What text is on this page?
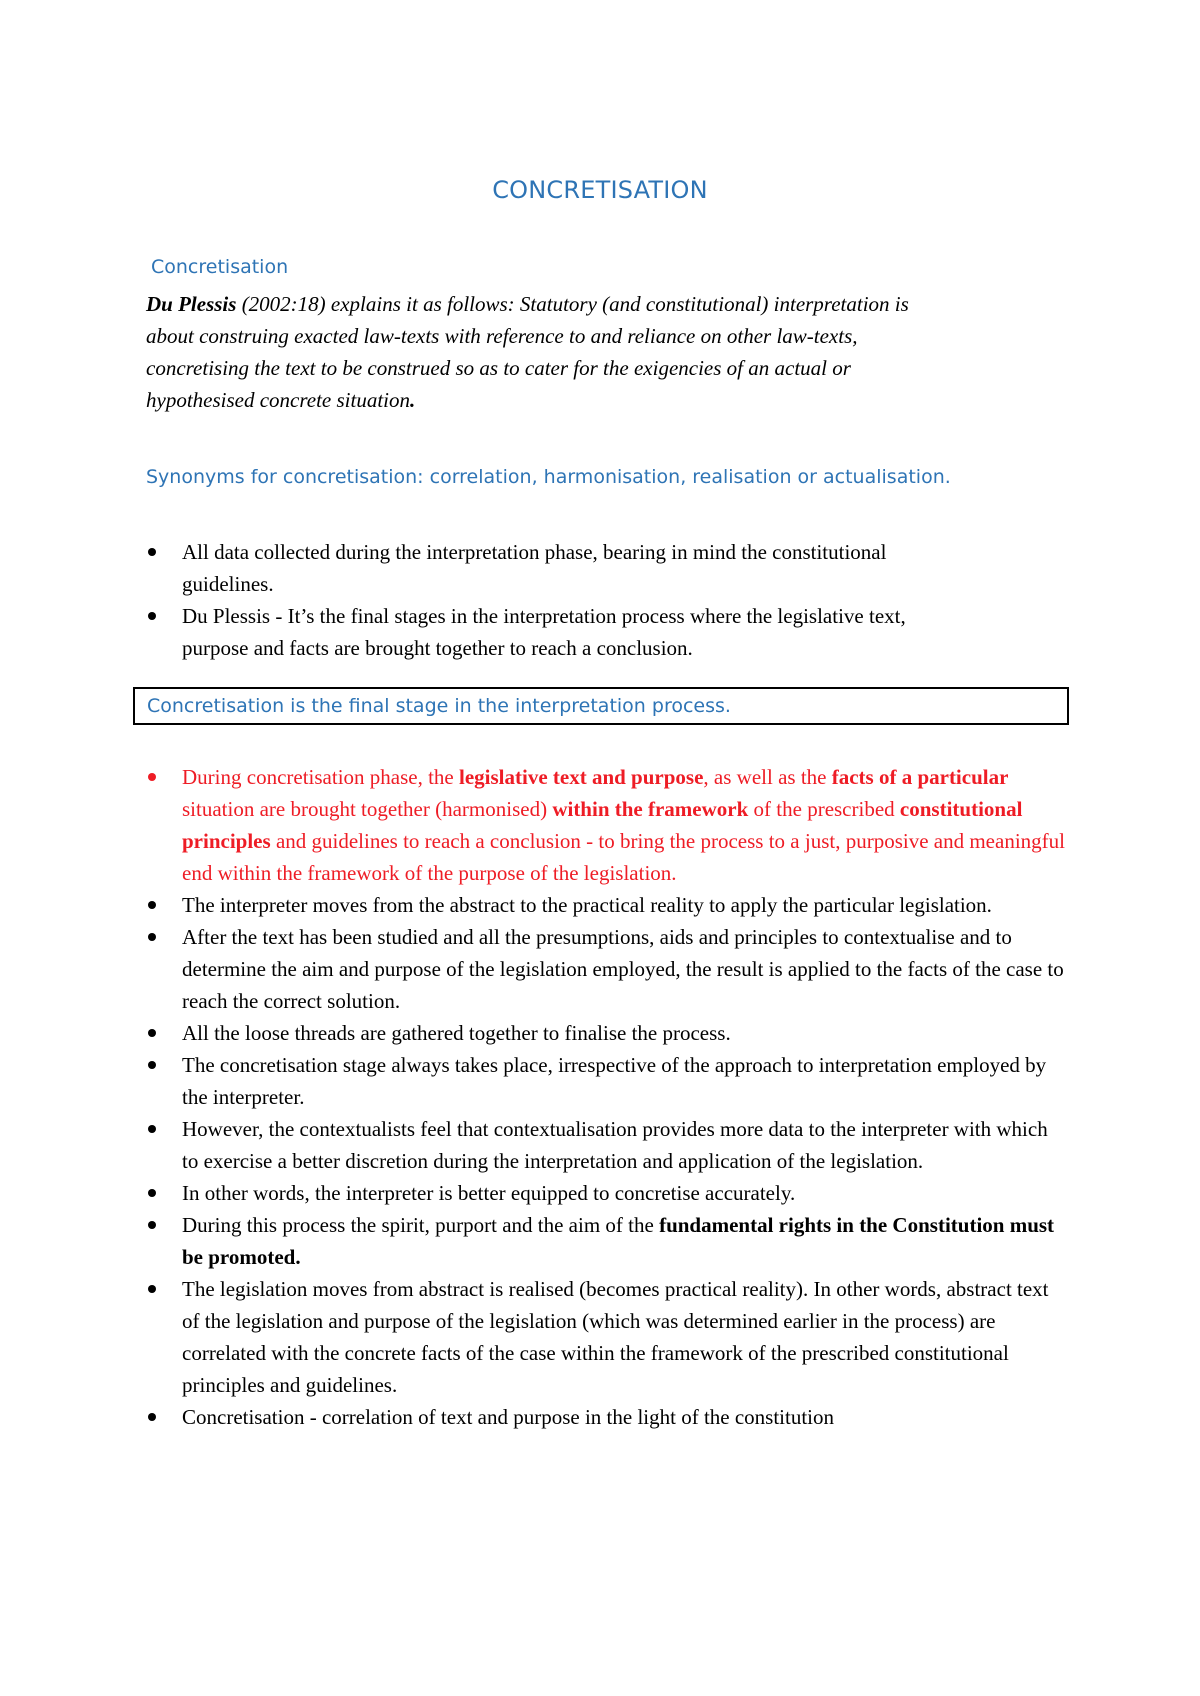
CONCRETISATION
Concretisation
Du Plessis (2002:18) explains it as follows: Statutory (and constitutional) interpretation is
about construing exacted law-texts with reference to and reliance on other law-texts,
concretising the text to be construed so as to cater for the exigencies of an actual or
hypothesised concrete situation.
Synonyms for concretisation: correlation, harmonisation, realisation or actualisation.
All data collected during the interpretation phase, bearing in mind the constitutional
guidelines.
Du Plessis - It’s the final stages in the interpretation process where the legislative text,
purpose and facts are brought together to reach a conclusion.
Concretisation is the final stage in the interpretation process.
During concretisation phase, the legislative text and purpose, as well as the facts of a particular situation are brought together (harmonised) within the framework of the prescribed constitutional principles and guidelines to reach a conclusion - to bring the process to a just, purposive and meaningful end within the framework of the purpose of the legislation.
The interpreter moves from the abstract to the practical reality to apply the particular legislation.
After the text has been studied and all the presumptions, aids and principles to contextualise and to determine the aim and purpose of the legislation employed, the result is applied to the facts of the case to reach the correct solution.
All the loose threads are gathered together to finalise the process.
The concretisation stage always takes place, irrespective of the approach to interpretation employed by the interpreter.
However, the contextualists feel that contextualisation provides more data to the interpreter with which to exercise a better discretion during the interpretation and application of the legislation.
In other words, the interpreter is better equipped to concretise accurately.
During this process the spirit, purport and the aim of the fundamental rights in the Constitution must be promoted.
The legislation moves from abstract is realised (becomes practical reality). In other words, abstract text of the legislation and purpose of the legislation (which was determined earlier in the process) are correlated with the concrete facts of the case within the framework of the prescribed constitutional principles and guidelines.
Concretisation - correlation of text and purpose in the light of the constitution
